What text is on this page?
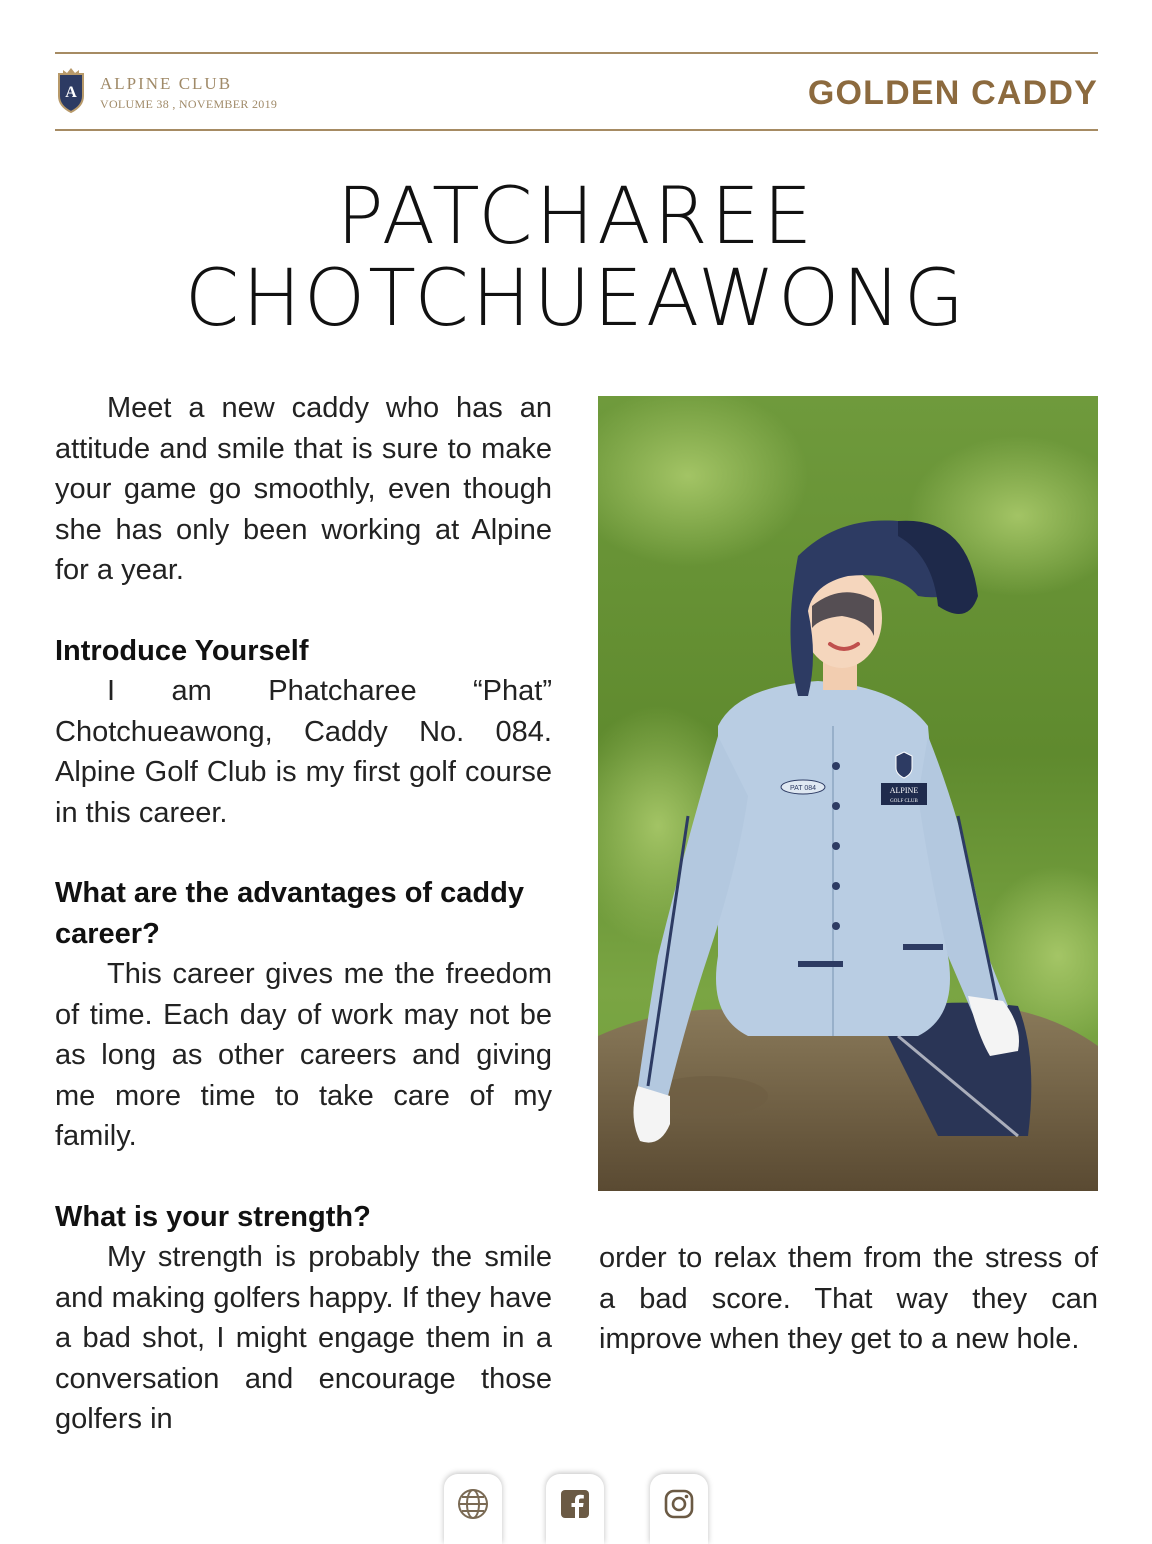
A ALPINE CLUB
VOLUME 38 , NOVEMBER 2019	GOLDEN CADDY
PATCHAREE
CHOTCHUEAWONG

Meet a new caddy who has an attitude and smile that is sure to make your game go smoothly, even though she has only been working at Alpine for a year.

Introduce Yourself

I am Phatcharee “Phat” Chotchueawong, Caddy No. 084. Alpine Golf Club is my first golf course in this career.

What are the advantages of caddy career?

This career gives me the freedom of time. Each day of work may not be as long as other careers and giving me more time to take care of my family.

What is your strength?

My strength is probably the smile and making golfers happy. If they have a bad shot, I might engage them in a conversation and encourage those golfers in

PAT 084	ALPINE
GOLF CLUB

order to relax them from the stress of a bad score. That way they can improve when they get to a new hole.
